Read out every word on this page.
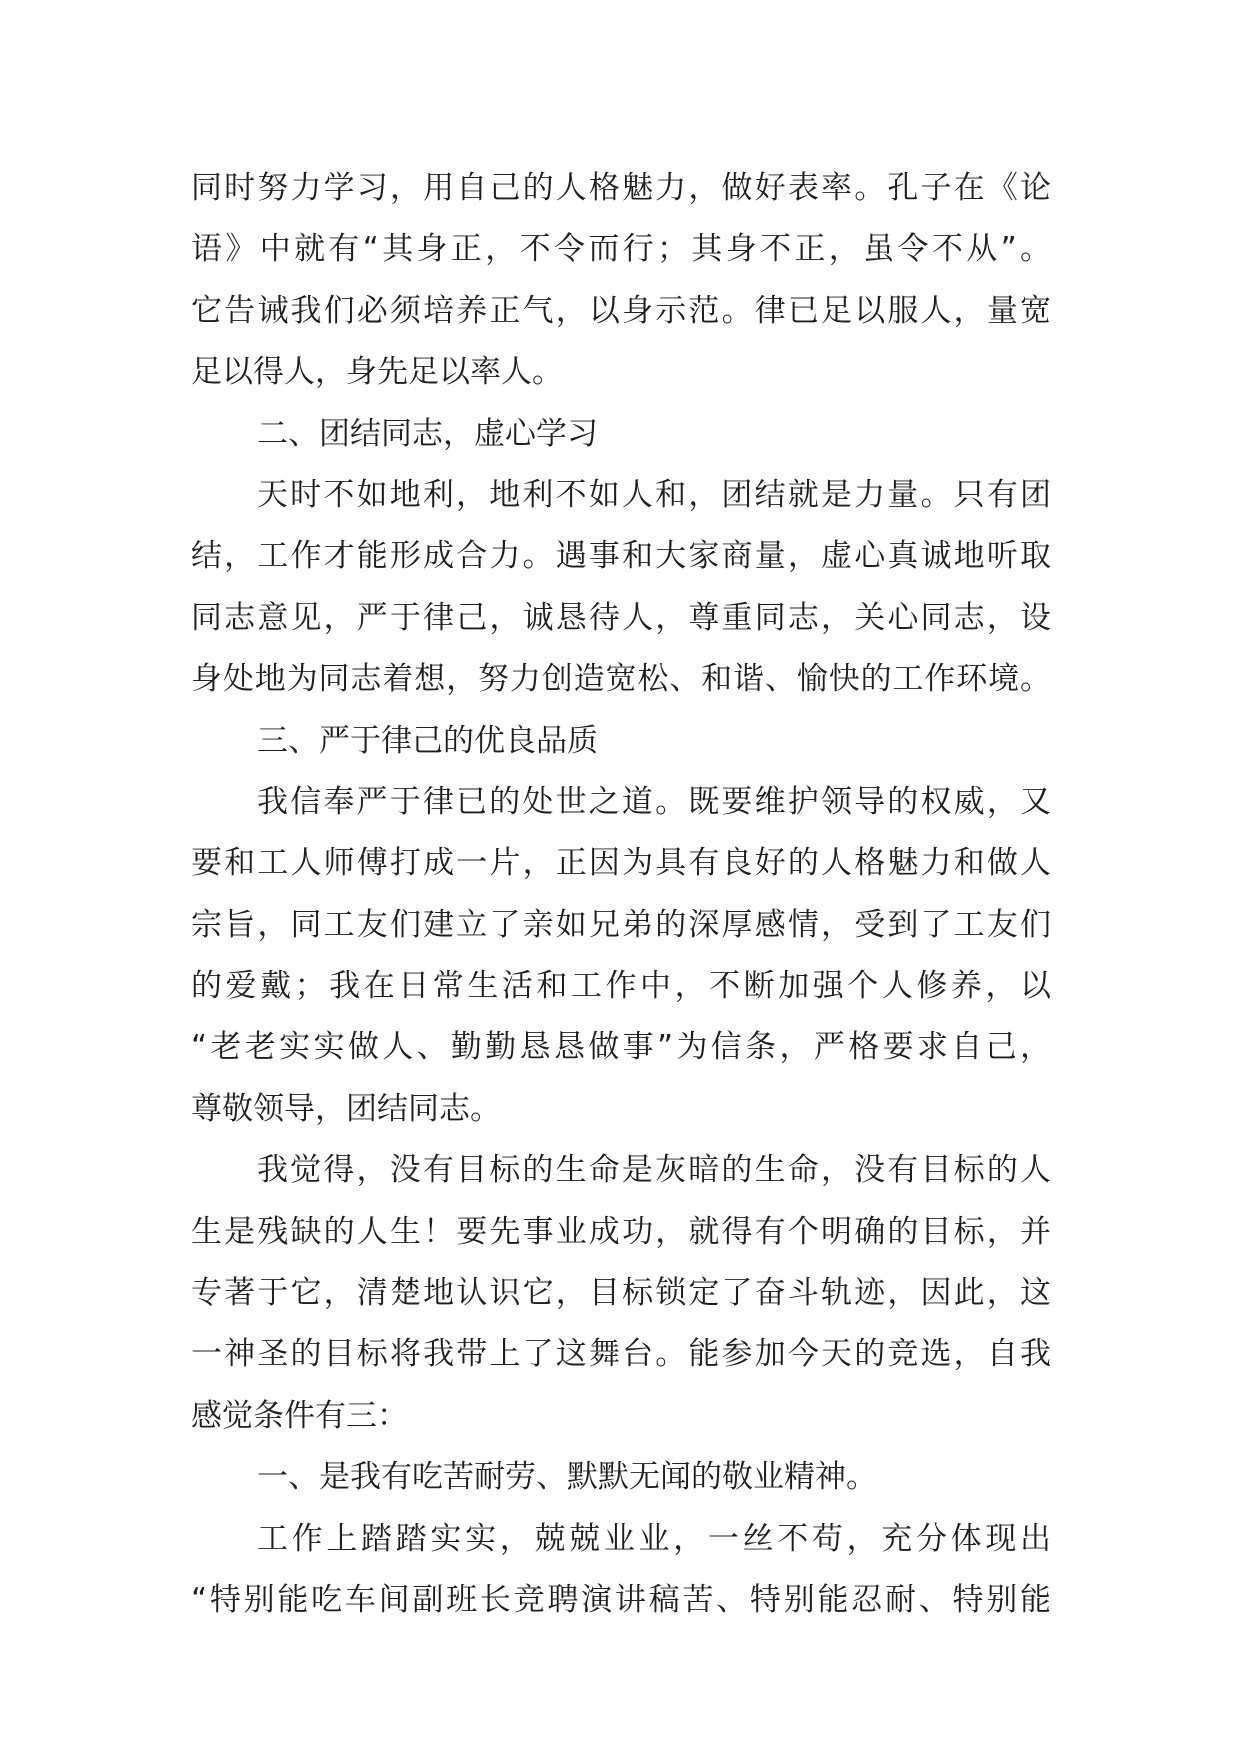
同时努力学习，用自己的人格魅力，做好表率。孔子在《论
语》中就有“其身正，不令而行；其身不正，虽令不从”。
它告诫我们必须培养正气，以身示范。律已足以服人，量宽
足以得人，身先足以率人。
二、团结同志，虚心学习
天时不如地利，地利不如人和，团结就是力量。只有团
结，工作才能形成合力。遇事和大家商量，虚心真诚地听取
同志意见，严于律己，诚恳待人，尊重同志，关心同志，设
身处地为同志着想，努力创造宽松、和谐、愉快的工作环境。
三、严于律己的优良品质
我信奉严于律已的处世之道。既要维护领导的权威，又
要和工人师傅打成一片，正因为具有良好的人格魅力和做人
宗旨，同工友们建立了亲如兄弟的深厚感情，受到了工友们
的爱戴；我在日常生活和工作中，不断加强个人修养，以
“老老实实做人、勤勤恳恳做事”为信条，严格要求自己，
尊敬领导，团结同志。
我觉得，没有目标的生命是灰暗的生命，没有目标的人
生是残缺的人生！要先事业成功，就得有个明确的目标，并
专著于它，清楚地认识它，目标锁定了奋斗轨迹，因此，这
一神圣的目标将我带上了这舞台。能参加今天的竞选，自我
感觉条件有三：
一、是我有吃苦耐劳、默默无闻的敬业精神。
工作上踏踏实实，兢兢业业，一丝不苟，充分体现出
“特别能吃车间副班长竞聘演讲稿苦、特别能忍耐、特别能
